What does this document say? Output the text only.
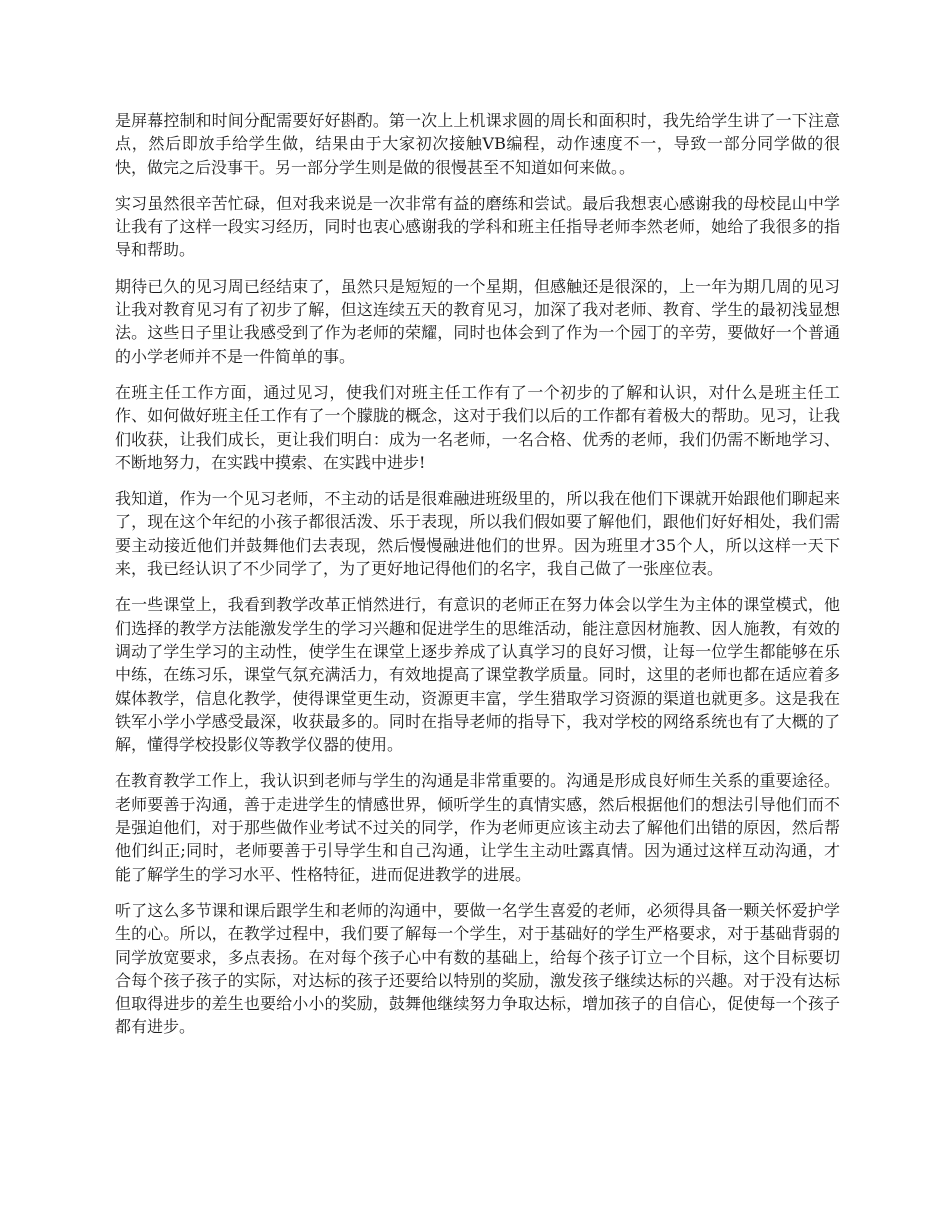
是屏幕控制和时间分配需要好好斟酌。第一次上上机课求圆的周长和面积时，我先给学生讲了一下注意点，然后即放手给学生做，结果由于大家初次接触VB编程，动作速度不一，导致一部分同学做的很快，做完之后没事干。另一部分学生则是做的很慢甚至不知道如何来做。。

实习虽然很辛苦忙碌，但对我来说是一次非常有益的磨练和尝试。最后我想衷心感谢我的母校昆山中学让我有了这样一段实习经历，同时也衷心感谢我的学科和班主任指导老师李然老师，她给了我很多的指导和帮助。

期待已久的见习周已经结束了，虽然只是短短的一个星期，但感触还是很深的，上一年为期几周的见习让我对教育见习有了初步了解，但这连续五天的教育见习，加深了我对老师、教育、学生的最初浅显想法。这些日子里让我感受到了作为老师的荣耀，同时也体会到了作为一个园丁的辛劳，要做好一个普通的小学老师并不是一件简单的事。

在班主任工作方面，通过见习，使我们对班主任工作有了一个初步的了解和认识，对什么是班主任工作、如何做好班主任工作有了一个朦胧的概念，这对于我们以后的工作都有着极大的帮助。见习，让我们收获，让我们成长，更让我们明白：成为一名老师，一名合格、优秀的老师，我们仍需不断地学习、不断地努力，在实践中摸索、在实践中进步!

我知道，作为一个见习老师，不主动的话是很难融进班级里的，所以我在他们下课就开始跟他们聊起来了，现在这个年纪的小孩子都很活泼、乐于表现，所以我们假如要了解他们，跟他们好好相处，我们需要主动接近他们并鼓舞他们去表现，然后慢慢融进他们的世界。因为班里才35个人，所以这样一天下来，我已经认识了不少同学了，为了更好地记得他们的名字，我自己做了一张座位表。

在一些课堂上，我看到教学改革正悄然进行，有意识的老师正在努力体会以学生为主体的课堂模式，他们选择的教学方法能激发学生的学习兴趣和促进学生的思维活动，能注意因材施教、因人施教，有效的调动了学生学习的主动性，使学生在课堂上逐步养成了认真学习的良好习惯，让每一位学生都能够在乐中练，在练习乐，课堂气氛充满活力，有效地提高了课堂教学质量。同时，这里的老师也都在适应着多媒体教学，信息化教学，使得课堂更生动，资源更丰富，学生猎取学习资源的渠道也就更多。这是我在铁军小学小学感受最深，收获最多的。同时在指导老师的指导下，我对学校的网络系统也有了大概的了解，懂得学校投影仪等教学仪器的使用。

在教育教学工作上，我认识到老师与学生的沟通是非常重要的。沟通是形成良好师生关系的重要途径。老师要善于沟通，善于走进学生的情感世界，倾听学生的真情实感，然后根据他们的想法引导他们而不是强迫他们，对于那些做作业考试不过关的同学，作为老师更应该主动去了解他们出错的原因，然后帮他们纠正;同时，老师要善于引导学生和自己沟通，让学生主动吐露真情。因为通过这样互动沟通，才能了解学生的学习水平、性格特征，进而促进教学的进展。

听了这么多节课和课后跟学生和老师的沟通中，要做一名学生喜爱的老师，必须得具备一颗关怀爱护学生的心。所以，在教学过程中，我们要了解每一个学生，对于基础好的学生严格要求，对于基础背弱的同学放宽要求，多点表扬。在对每个孩子心中有数的基础上，给每个孩子订立一个目标，这个目标要切合每个孩子孩子的实际，对达标的孩子还要给以特别的奖励，激发孩子继续达标的兴趣。对于没有达标但取得进步的差生也要给小小的奖励，鼓舞他继续努力争取达标，增加孩子的自信心，促使每一个孩子都有进步。
